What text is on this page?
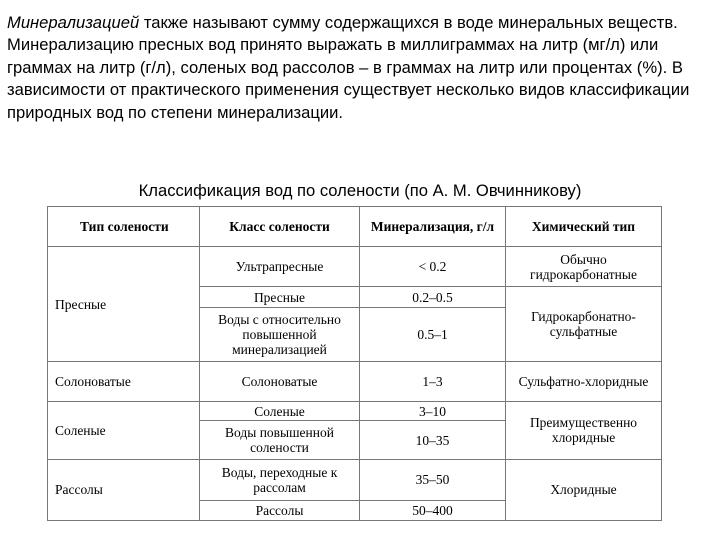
Минерализацией также называют сумму содержащихся в воде минеральных веществ. Минерализацию пресных вод принято выражать в миллиграммах на литр (мг/л) или граммах на литр (г/л), соленых вод рассолов – в граммах на литр или процентах (%). В зависимости от практического применения существует несколько видов классификации природных вод по степени минерализации.

Классификация вод по солености (по А. М. Овчинникову)

Тип солености	Класс солености	Минерализация, г/л	Химический тип
Пресные	Ультрапресные	< 0.2	Обычно гидрокарбонатные
	Пресные	0.2–0.5	Гидрокарбонатно-сульфатные
	Воды с относительно повышенной минерализацией	0.5–1	
Солоноватые	Солоноватые	1–3	Сульфатно-хлоридные
Соленые	Соленые	3–10	Преимущественно хлоридные
	Воды повышенной солености	10–35	
Рассолы	Воды, переходные к рассолам	35–50	Хлоридные
	Рассолы	50–400	
